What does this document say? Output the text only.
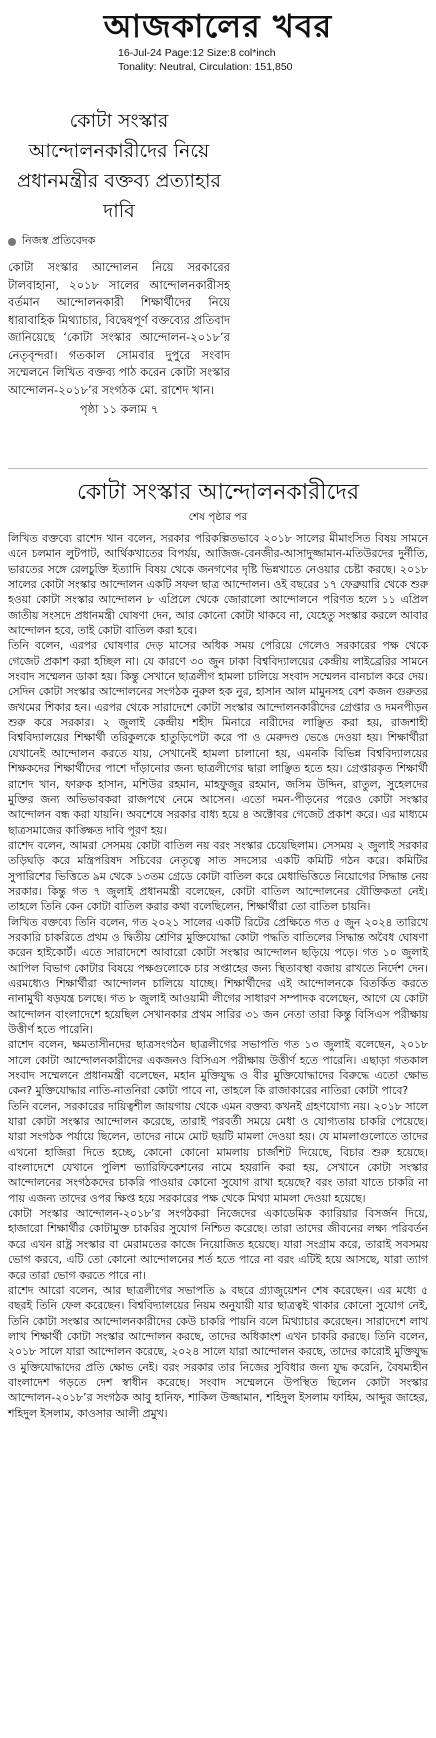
আজকালের খবর
16-Jul-24 Page:12 Size:8 col*inch
Tonality: Neutral, Circulation: 151,850
কোটা সংস্কার আন্দোলনকারীদের নিয়ে প্রধানমন্ত্রীর বক্তব্য প্রত্যাহার দাবি
নিজস্ব প্রতিবেদক
কোটা সংস্কার আন্দোলন নিয়ে সরকারের টালবাহানা, ২০১৮ সালের আন্দোলনকারীসহ বর্তমান আন্দোলনকারী শিক্ষার্থীদের নিয়ে ধারাবাহিক মিথ্যাচার, বিদ্বেষপূর্ণ বক্তব্যের প্রতিবাদ জানিয়েছে ‘কোটা সংস্কার আন্দোলন-২০১৮’র নেতৃবৃন্দরা। গতকাল সোমবার দুপুরে সংবাদ সম্মেলনে লিখিত বক্তব্য পাঠ করেন কোটা সংস্কার আন্দোলন-২০১৮’র সংগঠক মো. রাশেদ খান।
পৃষ্ঠা ১১ কলাম ৭
কোটা সংস্কার আন্দোলনকারীদের
শেষ পৃষ্ঠার পর

লিখিত বক্তব্যে রাশেদ খান বলেন, সরকার পরিকল্পিতভাবে ২০১৮ সালের মীমাংসিত বিষয় সামনে এনে চলমান লুটপাট, আর্থিকখাতের বিপর্যয়, আজিজ-বেনজীর-আসাদুজ্জামান-মতিউরদের দুর্নীতি, ভারতের সঙ্গে রেলচুক্তি ইত্যাদি বিষয় থেকে জনগণের দৃষ্টি ভিন্নখাতে নেওয়ার চেষ্টা করছে। ২০১৮ সালের কোটা সংস্কার আন্দোলন একটি সফল ছাত্র আন্দোলন। ওই বছরের ১৭ ফেব্রুয়ারি থেকে শুরু হওয়া কোটা সংস্কার আন্দোলন ৮ এপ্রিলে থেকে জোরালো আন্দোলনে পরিণত হলে ১১ এপ্রিল জাতীয় সংসদে প্রধানমন্ত্রী ঘোষণা দেন, আর কোনো কোটা থাকবে না, যেহেতু সংস্কার করলে আবার আন্দোলন হবে, তাই কোটা বাতিল করা হবে।

তিনি বলেন, এরপর ঘোষণার দেড় মাসের অধিক সময় পেরিয়ে গেলেও সরকারের পক্ষ থেকে গেজেট প্রকাশ করা হচ্ছিল না। যে কারণে ৩০ জুন ঢাকা বিশ্ববিদ্যালয়ের কেন্দ্রীয় লাইব্রেরির সামনে সংবাদ সম্মেলন ডাকা হয়। কিন্তু সেখানে ছাত্রলীগ হামলা চালিয়ে সংবাদ সম্মেলন বানচাল করে দেয়। সেদিন কোটা সংস্কার আন্দোলনের সংগঠক নুরুল হক নুর, হাসান আল মামুনসহ বেশ কজন গুরুতর জখমের শিকার হন। এরপর থেকে সারাদেশে কোটা সংস্কার আন্দোলনকারীদের গ্রেপ্তার ও দমনপীড়ন শুরু করে সরকার। ২ জুলাই কেন্দ্রীয় শহীদ মিনারে নারীদের লাঞ্ছিত করা হয়, রাজশাহী বিশ্ববিদ্যালয়ের শিক্ষার্থী তরিকুলকে হাতুড়িপেটা করে পা ও মেরুদণ্ড ভেঙে দেওয়া হয়। শিক্ষার্থীরা যেখানেই আন্দোলন করতে যায়, সেখানেই হামলা চালানো হয়, এমনকি বিভিন্ন বিশ্ববিদ্যালয়ের শিক্ষকদের শিক্ষার্থীদের পাশে দাঁড়ানোর জন্য ছাত্রলীগের দ্বারা লাঞ্ছিত হতে হয়। গ্রেপ্তারকৃত শিক্ষার্থী রাশেদ খান, ফারুক হাসান, মশিউর রহমান, মাহফুজুর রহমান, জসিম উদ্দিন, রাতুল, সুহেলদের মুক্তির জন্য অভিভাবকরা রাজপথে নেমে আসেন। এতো দমন-পীড়নের পরেও কোটা সংস্কার আন্দোলন বন্ধ করা যায়নি। অবশেষে সরকার বাধ্য হয়ে ৪ অক্টোবর গেজেট প্রকাশ করে। এর মাধ্যমে ছাত্রসমাজের কাঙ্ক্ষিত দাবি পূরণ হয়।

রাশেদ বলেন, আমরা সেসময় কোটা বাতিল নয় বরং সংস্কার চেয়েছিলাম। সেসময় ২ জুলাই সরকার তড়িঘড়ি করে মন্ত্রিপরিষদ সচিবের নেতৃত্বে সাত সদস্যের একটি কমিটি গঠন করে। কমিটির সুপারিশের ভিত্তিতে ৯ম থেকে ১৩তম গ্রেডে কোটা বাতিল করে মেধাভিত্তিতে নিয়োগের সিদ্ধান্ত নেয় সরকার। কিন্তু গত ৭ জুলাই প্রধানমন্ত্রী বলেছেন, কোটা বাতিল আন্দোলনের যৌক্তিকতা নেই। তাহলে তিনি কেন কোটা বাতিল করার কথা বলেছিলেন, শিক্ষার্থীরা তো বাতিল চায়নি।

লিখিত বক্তব্যে তিনি বলেন, গত ২০২১ সালের একটি রিটের প্রেক্ষিতে গত ৫ জুন ২০২৪ তারিখে সরকারি চাকরিতে প্রথম ও দ্বিতীয় শ্রেণির মুক্তিযোদ্ধা কোটা পদ্ধতি বাতিলের সিদ্ধান্ত অবৈধ ঘোষণা করেন হাইকোর্ট। এতে সারাদেশে আবারো কোটা সংস্কার আন্দোলন ছড়িয়ে পড়ে। গত ১০ জুলাই আপিল বিভাগ কোটার বিষয়ে পক্ষগুলোকে চার সপ্তাহের জন্য স্থিতাবস্থা বজায় রাখতে নির্দেশ দেন। এরমধ্যেও শিক্ষার্থীরা আন্দোলন চালিয়ে যাচ্ছে। শিক্ষার্থীদের এই আন্দোলনকে বিতর্কিত করতে নানামুখী ষড়যন্ত্র চলছে। গত ৮ জুলাই আওয়ামী লীগের সাধারণ সম্পাদক বলেছেন, আগে যে কোটা আন্দোলন বাংলাদেশে হয়েছিল সেখানকার প্রথম সারির ৩১ জন নেতা তারা কিন্তু বিসিএস পরীক্ষায় উত্তীর্ণ হতে পারেনি।

রাশেদ বলেন, ক্ষমতাসীনদের ছাত্রসংগঠন ছাত্রলীগের সভাপতি গত ১৩ জুলাই বলেছেন, ২০১৮ সালে কোটা আন্দোলনকারীদের একজনও বিসিএস পরীক্ষায় উত্তীর্ণ হতে পারেনি। এছাড়া গতকাল সংবাদ সম্মেলনে প্রধানমন্ত্রী বলেছেন, মহান মুক্তিযুদ্ধ ও বীর মুক্তিযোদ্ধাদের বিরুদ্ধে এতো ক্ষোভ কেন? মুক্তিযোদ্ধার নাতি-নাতনিরা কোটা পাবে না, তাহলে কি রাজাকারের নাতিরা কোটা পাবে?

তিনি বলেন, সরকারের দায়িত্বশীল জায়গায় থেকে এমন বক্তব্য কখনই গ্রহণযোগ্য নয়। ২০১৮ সালে যারা কোটা সংস্কার আন্দোলন করেছে, তারাই পরবর্তী সময়ে মেধা ও যোগ্যতায় চাকরি পেয়েছে। যারা সংগঠক পর্যায়ে ছিলেন, তাদের নামে মোট ছয়টি মামলা দেওয়া হয়। যে মামলাগুলোতে তাদের এখনো হাজিরা দিতে হচ্ছে, কোনো কোনো মামলায় চার্জশিট দিয়েছে, বিচার শুরু হয়েছে। বাংলাদেশে যেখানে পুলিশ ভ্যারিফিকেশনের নামে হয়রানি করা হয়, সেখানে কোটা সংস্কার আন্দোলনের সংগঠকদের চাকরি পাওয়ার কোনো সুযোগ রাখা হয়েছে? বরং তারা যাতে চাকরি না পায় এজন্য তাদের ওপর ক্ষিপ্ত হয়ে সরকারের পক্ষ থেকে মিথ্যা মামলা দেওয়া হয়েছে।

কোটা সংস্কার আন্দোলন-২০১৮’র সংগঠকরা নিজেদের একাডেমিক ক্যারিয়ার বিসর্জন দিয়ে, হাজারো শিক্ষার্থীর কোটামুক্ত চাকরির সুযোগ নিশ্চিত করেছে। তারা তাদের জীবনের লক্ষ্য পরিবর্তন করে এখন রাষ্ট্র সংস্কার বা মেরামতের কাজে নিয়োজিত হয়েছে। যারা সংগ্রাম করে, তারাই সবসময় ভোগ করবে, এটি তো কোনো আন্দোলনের শর্ত হতে পারে না বরং এটিই হয়ে আসছে, যারা ত্যাগ করে তারা ভোগ করতে পারে না।

রাশেদ আরো বলেন, আর ছাত্রলীগের সভাপতি ৯ বছরে গ্র্যাজুয়েশন শেষ করেছেন। এর মধ্যে ৫ বছরই তিনি ফেল করেছেন। বিশ্ববিদ্যালয়ের নিয়ম অনুযায়ী যার ছাত্রত্বই থাকার কোনো সুযোগ নেই, তিনি কোটা সংস্কার আন্দোলনকারীদের কেউ চাকরি পায়নি বলে মিথ্যাচার করেছেন। সারাদেশে লাখ লাখ শিক্ষার্থী কোটা সংস্কার আন্দোলন করছে, তাদের অধিকাংশ এখন চাকরি করছে। তিনি বলেন, ২০১৮ সালে যারা আন্দোলন করেছে, ২০২৪ সালে যারা আন্দোলন করছে, তাদের কারোই মুক্তিযুদ্ধ ও মুক্তিযোদ্ধাদের প্রতি ক্ষোভ নেই। বরং সরকার তার নিজের সুবিধার জন্য যুদ্ধ করেনি, বৈষম্যহীন বাংলাদেশ গড়তে দেশ স্বাধীন করেছে। সংবাদ সম্মেলনে উপস্থিত ছিলেন কোটা সংস্কার আন্দোলন-২০১৮’র সংগঠক আবু হানিফ, শাকিল উজ্জামান, শহিদুল ইসলাম ফাহিম, আব্দুর জাহের, শহিদুল ইসলাম, কাওসার আলী প্রমুখ।
